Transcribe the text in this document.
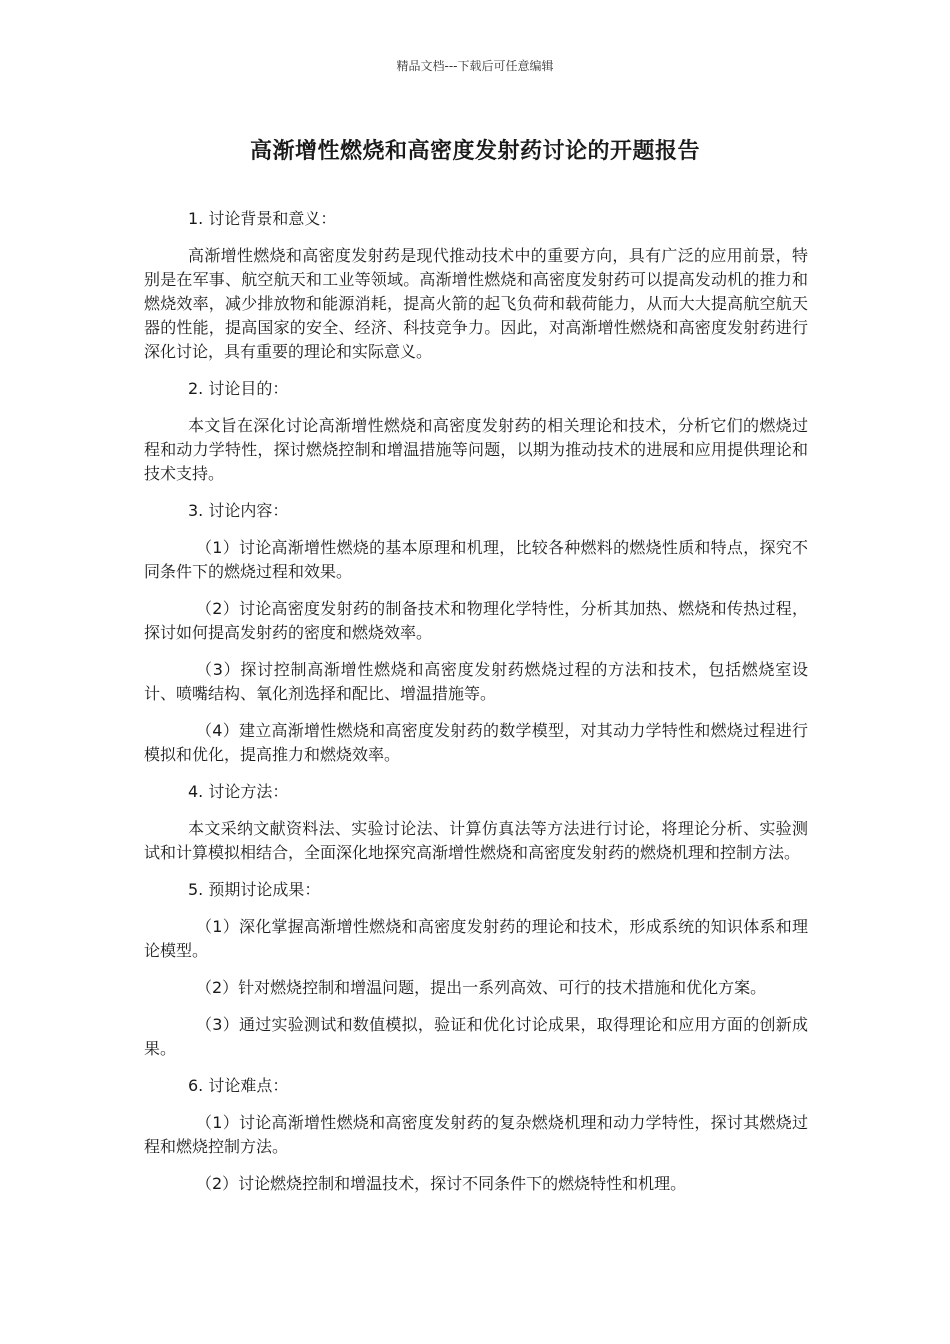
精品文档---下载后可任意编辑
高渐增性燃烧和高密度发射药讨论的开题报告

1. 讨论背景和意义：

高渐增性燃烧和高密度发射药是现代推动技术中的重要方向，具有广泛的应用前景，特别是在军事、航空航天和工业等领域。高渐增性燃烧和高密度发射药可以提高发动机的推力和燃烧效率，减少排放物和能源消耗，提高火箭的起飞负荷和载荷能力，从而大大提高航空航天器的性能，提高国家的安全、经济、科技竞争力。因此，对高渐增性燃烧和高密度发射药进行深化讨论，具有重要的理论和实际意义。

2. 讨论目的：

本文旨在深化讨论高渐增性燃烧和高密度发射药的相关理论和技术，分析它们的燃烧过程和动力学特性，探讨燃烧控制和增温措施等问题，以期为推动技术的进展和应用提供理论和技术支持。

3. 讨论内容：

（1）讨论高渐增性燃烧的基本原理和机理，比较各种燃料的燃烧性质和特点，探究不同条件下的燃烧过程和效果。

（2）讨论高密度发射药的制备技术和物理化学特性，分析其加热、燃烧和传热过程，探讨如何提高发射药的密度和燃烧效率。

（3）探讨控制高渐增性燃烧和高密度发射药燃烧过程的方法和技术，包括燃烧室设计、喷嘴结构、氧化剂选择和配比、增温措施等。

（4）建立高渐增性燃烧和高密度发射药的数学模型，对其动力学特性和燃烧过程进行模拟和优化，提高推力和燃烧效率。

4. 讨论方法：

本文采纳文献资料法、实验讨论法、计算仿真法等方法进行讨论，将理论分析、实验测试和计算模拟相结合，全面深化地探究高渐增性燃烧和高密度发射药的燃烧机理和控制方法。

5. 预期讨论成果：

（1）深化掌握高渐增性燃烧和高密度发射药的理论和技术，形成系统的知识体系和理论模型。

（2）针对燃烧控制和增温问题，提出一系列高效、可行的技术措施和优化方案。

（3）通过实验测试和数值模拟，验证和优化讨论成果，取得理论和应用方面的创新成果。

6. 讨论难点：

（1）讨论高渐增性燃烧和高密度发射药的复杂燃烧机理和动力学特性，探讨其燃烧过程和燃烧控制方法。

（2）讨论燃烧控制和增温技术，探讨不同条件下的燃烧特性和机理。
